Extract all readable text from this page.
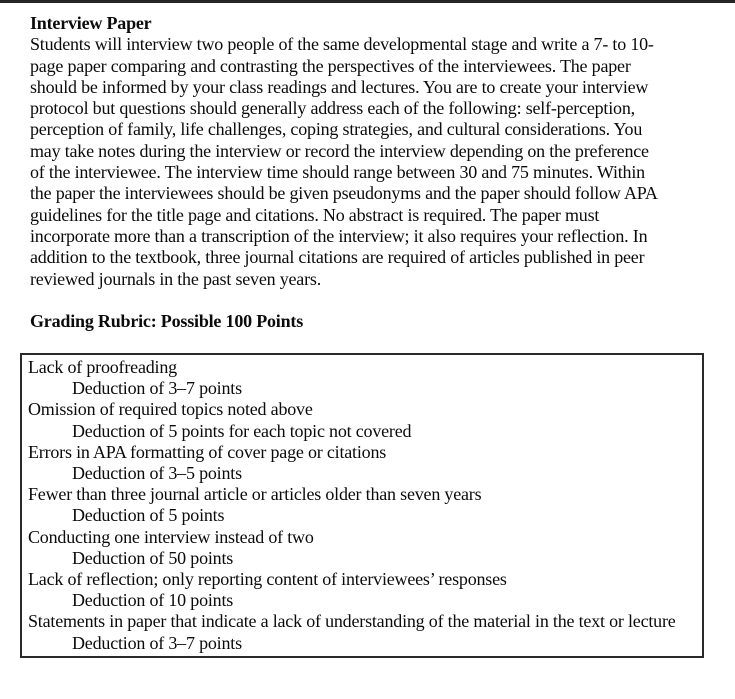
Interview Paper
Students will interview two people of the same developmental stage and write a 7- to 10-
page paper comparing and contrasting the perspectives of the interviewees. The paper
should be informed by your class readings and lectures. You are to create your interview
protocol but questions should generally address each of the following: self-perception,
perception of family, life challenges, coping strategies, and cultural considerations. You
may take notes during the interview or record the interview depending on the preference
of the interviewee. The interview time should range between 30 and 75 minutes. Within
the paper the interviewees should be given pseudonyms and the paper should follow APA
guidelines for the title page and citations. No abstract is required. The paper must
incorporate more than a transcription of the interview; it also requires your reflection. In
addition to the textbook, three journal citations are required of articles published in peer
reviewed journals in the past seven years.
Grading Rubric: Possible 100 Points
Lack of proofreading
Deduction of 3–7 points
Omission of required topics noted above
Deduction of 5 points for each topic not covered
Errors in APA formatting of cover page or citations
Deduction of 3–5 points
Fewer than three journal article or articles older than seven years
Deduction of 5 points
Conducting one interview instead of two
Deduction of 50 points
Lack of reflection; only reporting content of interviewees’ responses
Deduction of 10 points
Statements in paper that indicate a lack of understanding of the material in the text or lecture
Deduction of 3–7 points
